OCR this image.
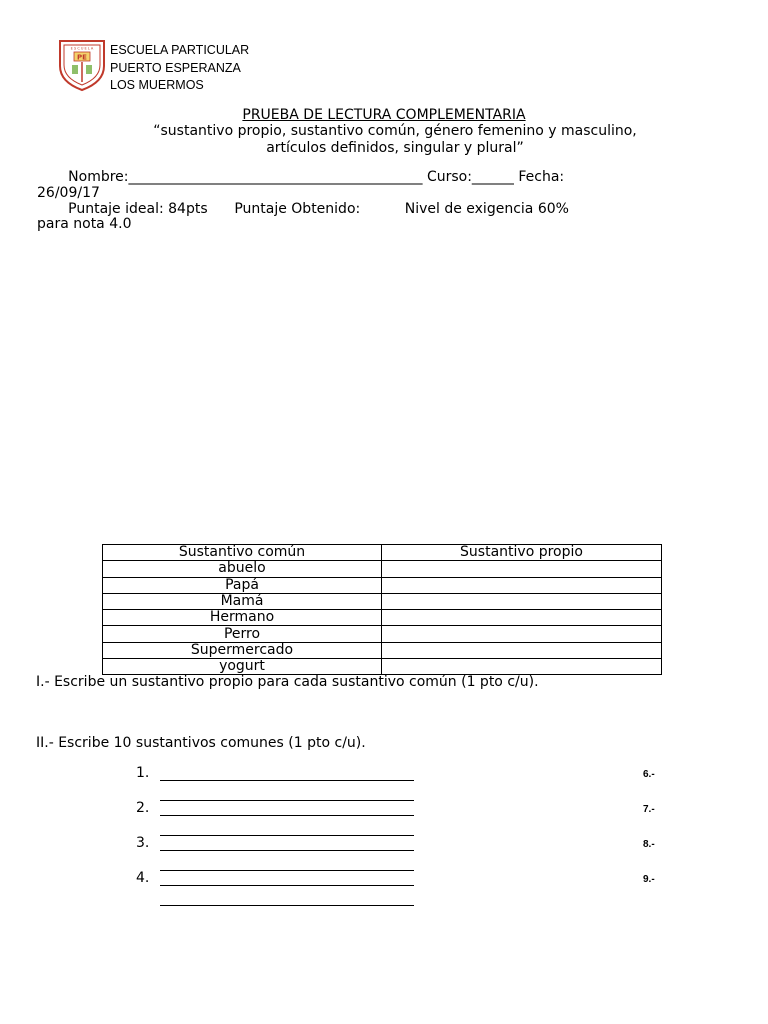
PE
E S C U E L A ESCUELA PARTICULAR
PUERTO ESPERANZA
LOS MUERMOS
PRUEBA DE LECTURA COMPLEMENTARIA
“sustantivo propio, sustantivo común, género femenino y masculino, artículos definidos, singular y plural”
Nombre:__________________________________________ Curso:______ Fecha:
26/09/17
Puntaje ideal: 84pts      Puntaje Obtenido:          Nivel de exigencia 60%
para nota 4.0
Sustantivo común	Sustantivo propio
abuelo	
Papá	
Mamá	
Hermano	
Perro	
Supermercado	
yogurt	
I.- Escribe un sustantivo propio para cada sustantivo común (1 pto c/u).
II.- Escribe 10 sustantivos comunes (1 pto c/u).
1.
2.
3.
4.
6.-
7.-
8.-
9.-
